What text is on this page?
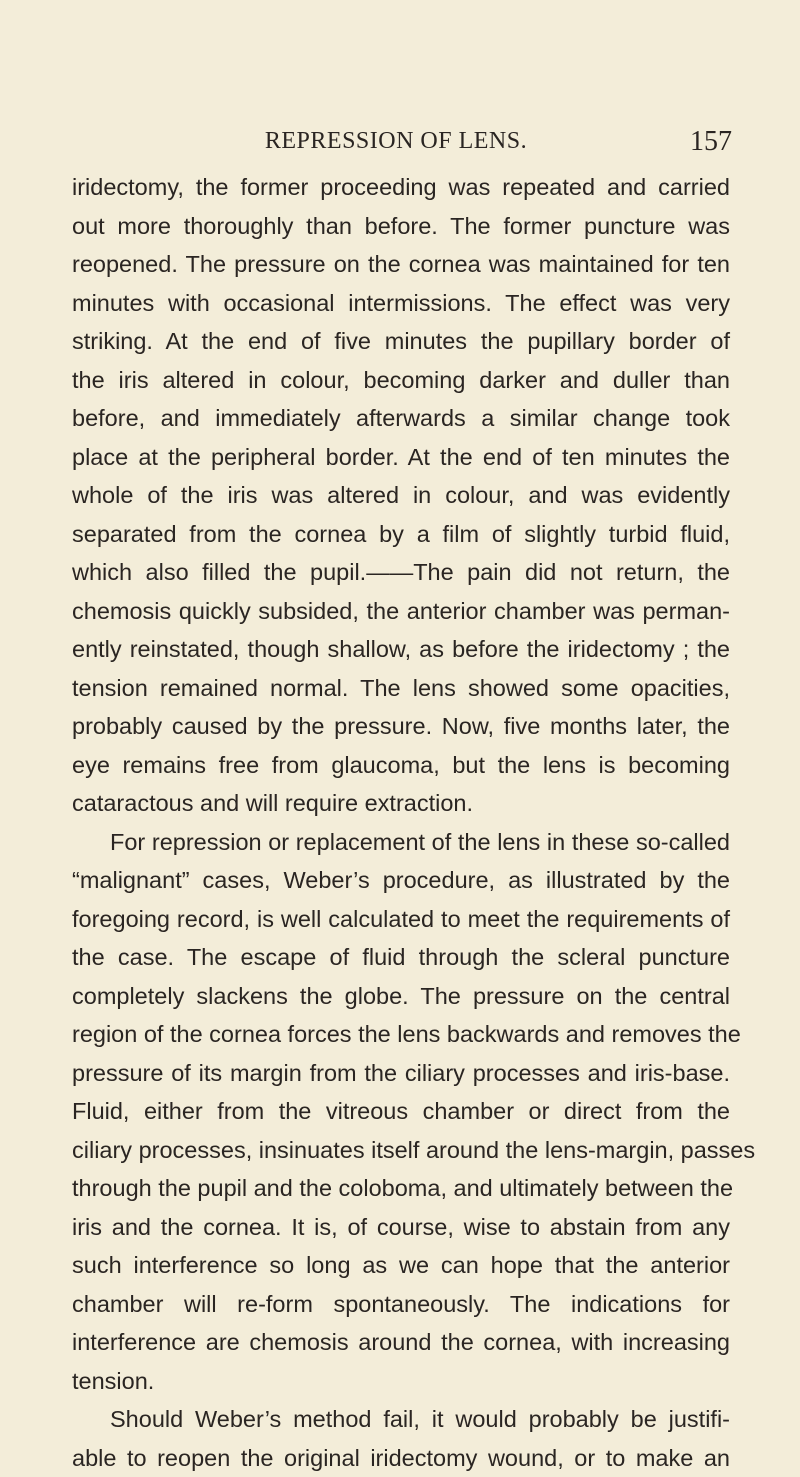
REPRESSION OF LENS.	157
iridectomy, the former proceeding was repeated and carried
out more thoroughly than before. The former puncture was
reopened. The pressure on the cornea was maintained for ten
minutes with occasional intermissions. The effect was very
striking. At the end of five minutes the pupillary border of
the iris altered in colour, becoming darker and duller than
before, and immediately afterwards a similar change took
place at the peripheral border. At the end of ten minutes the
whole of the iris was altered in colour, and was evidently
separated from the cornea by a film of slightly turbid fluid,
which also filled the pupil.——The pain did not return, the
chemosis quickly subsided, the anterior chamber was perman-
ently reinstated, though shallow, as before the iridectomy ; the
tension remained normal. The lens showed some opacities,
probably caused by the pressure. Now, five months later, the
eye remains free from glaucoma, but the lens is becoming
cataractous and will require extraction.
For repression or replacement of the lens in these so-called
“malignant” cases, Weber’s procedure, as illustrated by the
foregoing record, is well calculated to meet the requirements of
the case. The escape of fluid through the scleral puncture
completely slackens the globe. The pressure on the central
region of the cornea forces the lens backwards and removes the
pressure of its margin from the ciliary processes and iris-base.
Fluid, either from the vitreous chamber or direct from the
ciliary processes, insinuates itself around the lens-margin, passes
through the pupil and the coloboma, and ultimately between the
iris and the cornea. It is, of course, wise to abstain from any
such interference so long as we can hope that the anterior
chamber will re-form spontaneously. The indications for
interference are chemosis around the cornea, with increasing
tension.
Should Weber’s method fail, it would probably be justifi-
able to reopen the original iridectomy wound, or to make an
